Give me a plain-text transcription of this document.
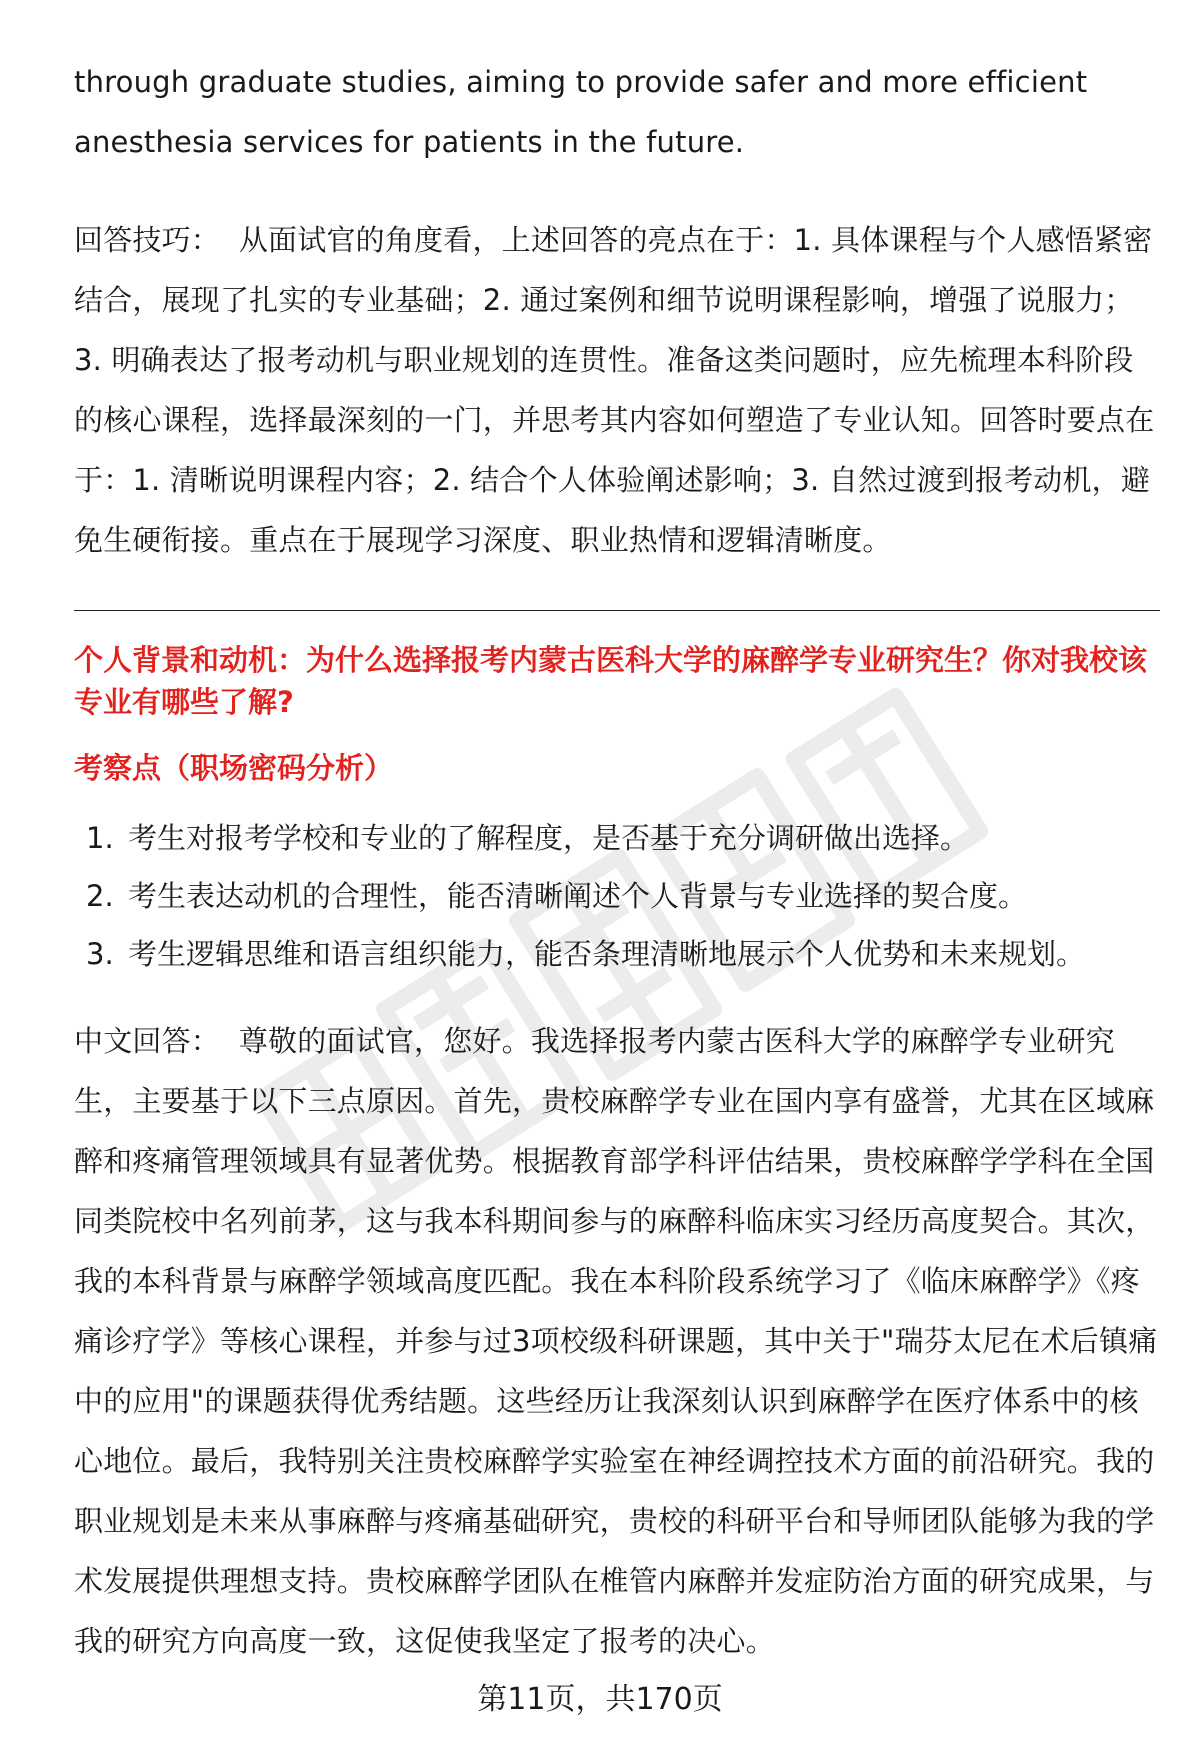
through graduate studies, aiming to provide safer and more efficient anesthesia services for patients in the future.

回答技巧： 从面试官的角度看，上述回答的亮点在于：1. 具体课程与个人感悟紧密结合，展现了扎实的专业基础；2. 通过案例和细节说明课程影响，增强了说服力；3. 明确表达了报考动机与职业规划的连贯性。准备这类问题时，应先梳理本科阶段的核心课程，选择最深刻的一门，并思考其内容如何塑造了专业认知。回答时要点在于：1. 清晰说明课程内容；2. 结合个人体验阐述影响；3. 自然过渡到报考动机，避免生硬衔接。重点在于展现学习深度、职业热情和逻辑清晰度。

个人背景和动机：为什么选择报考内蒙古医科大学的麻醉学专业研究生？你对我校该专业有哪些了解?

考察点（职场密码分析）

1. 考生对报考学校和专业的了解程度，是否基于充分调研做出选择。
2. 考生表达动机的合理性，能否清晰阐述个人背景与专业选择的契合度。
3. 考生逻辑思维和语言组织能力，能否条理清晰地展示个人优势和未来规划。

中文回答： 尊敬的面试官，您好。我选择报考内蒙古医科大学的麻醉学专业研究生，主要基于以下三点原因。首先，贵校麻醉学专业在国内享有盛誉，尤其在区域麻醉和疼痛管理领域具有显著优势。根据教育部学科评估结果，贵校麻醉学学科在全国同类院校中名列前茅，这与我本科期间参与的麻醉科临床实习经历高度契合。其次，我的本科背景与麻醉学领域高度匹配。我在本科阶段系统学习了《临床麻醉学》《疼痛诊疗学》等核心课程，并参与过3项校级科研课题，其中关于"瑞芬太尼在术后镇痛中的应用"的课题获得优秀结题。这些经历让我深刻认识到麻醉学在医疗体系中的核心地位。最后，我特别关注贵校麻醉学实验室在神经调控技术方面的前沿研究。我的职业规划是未来从事麻醉与疼痛基础研究，贵校的科研平台和导师团队能够为我的学术发展提供理想支持。贵校麻醉学团队在椎管内麻醉并发症防治方面的研究成果，与我的研究方向高度一致，这促使我坚定了报考的决心。

第11页，共170页
